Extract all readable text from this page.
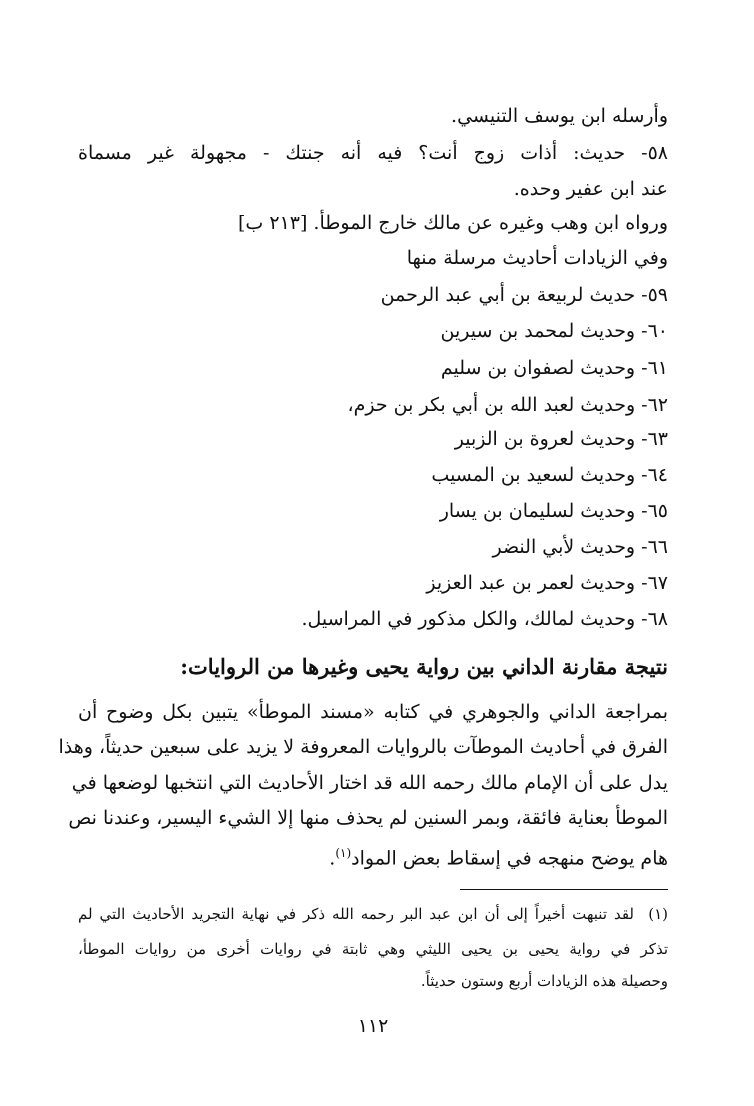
وأرسله ابن يوسف التنيسي.
٥٨- حديث: أذات زوج أنت؟ فيه أنه جنتك - مجهولة غير مسماة
عند ابن عفير وحده.
ورواه ابن وهب وغيره عن مالك خارج الموطأ. [٢١٣ ب]
وفي الزيادات أحاديث مرسلة منها
٥٩- حديث لربيعة بن أبي عبد الرحمن
٦٠- وحديث لمحمد بن سيرين
٦١- وحديث لصفوان بن سليم
٦٢- وحديث لعبد الله بن أبي بكر بن حزم،
٦٣- وحديث لعروة بن الزبير
٦٤- وحديث لسعيد بن المسيب
٦٥- وحديث لسليمان بن يسار
٦٦- وحديث لأبي النضر
٦٧- وحديث لعمر بن عبد العزيز
٦٨- وحديث لمالك، والكل مذكور في المراسيل.
نتيجة مقارنة الداني بين رواية يحيى وغيرها من الروايات:
بمراجعة الداني والجوهري في كتابه «مسند الموطأ» يتبين بكل وضوح أن
الفرق في أحاديث الموطآت بالروايات المعروفة لا يزيد على سبعين حديثاً، وهذا
يدل على أن الإمام مالك رحمه الله قد اختار الأحاديث التي انتخبها لوضعها في
الموطأ بعناية فائقة، وبمر السنين لم يحذف منها إلا الشيء اليسير، وعندنا نص
هام يوضح منهجه في إسقاط بعض المواد$^{(١)}$.
(١)
لقد تنبهت أخيراً إلى أن ابن عبد البر رحمه الله ذكر في نهاية التجريد الأحاديث التي لم
تذكر في رواية يحيى بن يحيى الليثي وهي ثابتة في روايات أخرى من روايات الموطأ،
وحصيلة هذه الزيادات أربع وستون حديثاً.
١١٢
